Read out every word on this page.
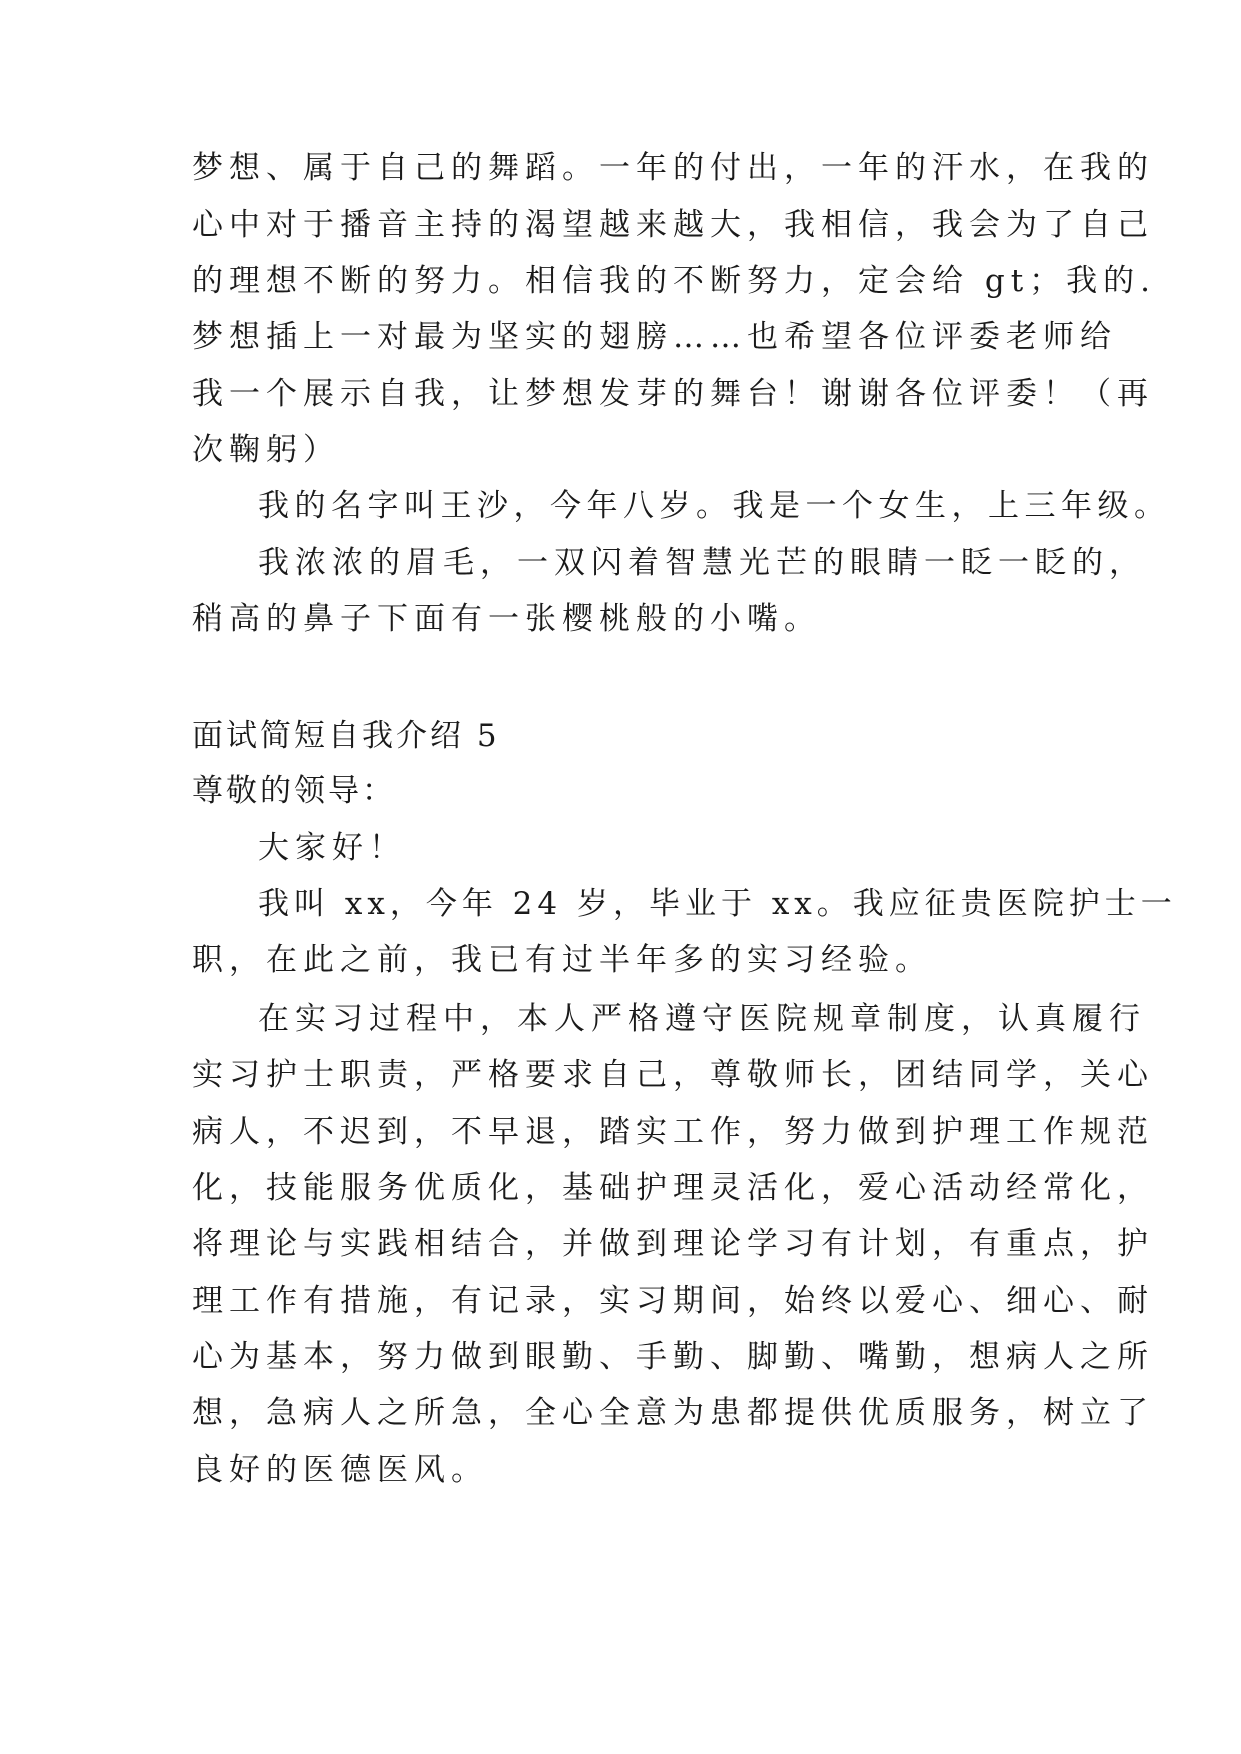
梦想、属于自己的舞蹈。一年的付出，一年的汗水，在我的

心中对于播音主持的渴望越来越大，我相信，我会为了自己

的理想不断的努力。相信我的不断努力，定会给 gt；我的.

梦想插上一对最为坚实的翅膀……也希望各位评委老师给

我一个展示自我，让梦想发芽的舞台！谢谢各位评委！（再

次鞠躬）

我的名字叫王沙，今年八岁。我是一个女生，上三年级。

我浓浓的眉毛，一双闪着智慧光芒的眼睛一眨一眨的，

稍高的鼻子下面有一张樱桃般的小嘴。

面试简短自我介绍 5

尊敬的领导：

大家好！

我叫 xx，今年 24 岁，毕业于 xx。我应征贵医院护士一

职，在此之前，我已有过半年多的实习经验。

在实习过程中，本人严格遵守医院规章制度，认真履行

实习护士职责，严格要求自己，尊敬师长，团结同学，关心

病人，不迟到，不早退，踏实工作，努力做到护理工作规范

化，技能服务优质化，基础护理灵活化，爱心活动经常化，

将理论与实践相结合，并做到理论学习有计划，有重点，护

理工作有措施，有记录，实习期间，始终以爱心、细心、耐

心为基本，努力做到眼勤、手勤、脚勤、嘴勤，想病人之所

想，急病人之所急，全心全意为患都提供优质服务，树立了

良好的医德医风。
